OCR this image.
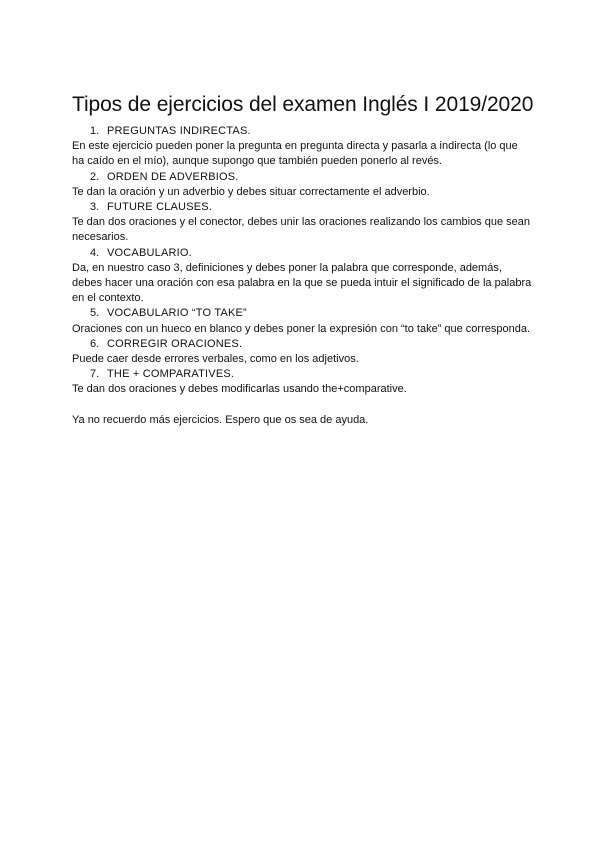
Tipos de ejercicios del examen Inglés I 2019/2020
1. PREGUNTAS INDIRECTAS.

En este ejercicio pueden poner la pregunta en pregunta directa y pasarla a indirecta (lo que ha caído en el mío), aunque supongo que también pueden ponerlo al revés.

2. ORDEN DE ADVERBIOS.

Te dan la oración y un adverbio y debes situar correctamente el adverbio.

3. FUTURE CLAUSES.

Te dan dos oraciones y el conector, debes unir las oraciones realizando los cambios que sean necesarios.

4. VOCABULARIO.

Da, en nuestro caso 3, definiciones y debes poner la palabra que corresponde, además, debes hacer una oración con esa palabra en la que se pueda intuir el significado de la palabra en el contexto.

5. VOCABULARIO “TO TAKE”

Oraciones con un hueco en blanco y debes poner la expresión con “to take” que corresponda.

6. CORREGIR ORACIONES.

Puede caer desde errores verbales, como en los adjetivos.

7. THE + COMPARATIVES.

Te dan dos oraciones y debes modificarlas usando the+comparative.

Ya no recuerdo más ejercicios. Espero que os sea de ayuda.
